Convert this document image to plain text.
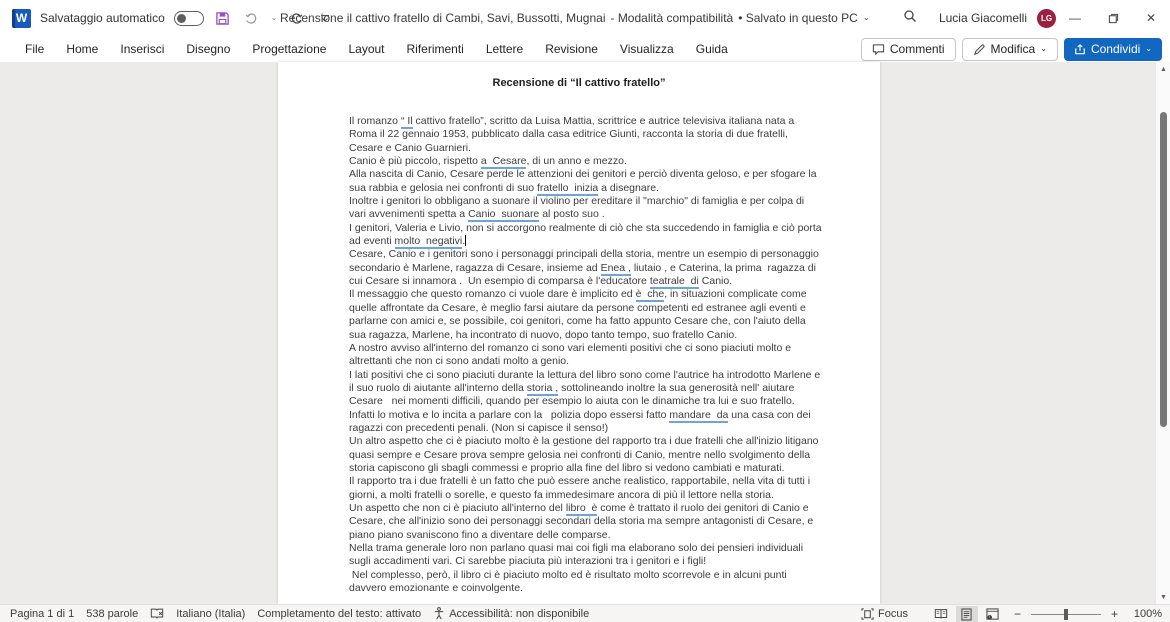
W	Salvataggio automatico	⌄ Recensione il cattivo fratello di Cambi, Savi, Bussotti, Mugnai - Modalità compatibilità • Salvato in questo PC ⌄	Lucia Giacomelli	LG	—	✕
File	Home	Inserisci	Disegno	Progettazione	Layout	Riferimenti	Lettere	Revisione	Visualizza	Guida	Commenti	Modifica ⌄	Condividi ⌄
Recensione di “Il cattivo fratello”

Il romanzo “ Il cattivo fratello”, scritto da Luisa Mattia, scrittrice e autrice televisiva italiana nata a Roma il 22 gennaio 1953, pubblicato dalla casa editrice Giunti, racconta la storia di due fratelli, Cesare e Canio Guarnieri.

Canio è più piccolo, rispetto a  Cesare, di un anno e mezzo.

Alla nascita di Canio, Cesare perde le attenzioni dei genitori e perciò diventa geloso, e per sfogare la sua rabbia e gelosia nei confronti di suo fratello  inizia a disegnare.

Inoltre i genitori lo obbligano a suonare il violino per ereditare il "marchio" di famiglia e per colpa di vari avvenimenti spetta a Canio  suonare al posto suo .

I genitori, Valeria e Livio, non si accorgono realmente di ciò che sta succedendo in famiglia e ciò porta ad eventi molto  negativi.

Cesare, Canio e i genitori sono i personaggi principali della storia, mentre un esempio di personaggio secondario è Marlene, ragazza di Cesare, insieme ad Enea , liutaio , e Caterina, la prima  ragazza di cui Cesare si innamora .  Un esempio di comparsa è l'educatore teatrale  di Canio.

Il messaggio che questo romanzo ci vuole dare è implicito ed è  che, in situazioni complicate come quelle affrontate da Cesare, è meglio farsi aiutare da persone competenti ed estranee agli eventi e parlarne con amici e, se possibile, coi genitori, come ha fatto appunto Cesare che, con l'aiuto della sua ragazza, Marlene, ha incontrato di nuovo, dopo tanto tempo, suo fratello Canio.

A nostro avviso all'interno del romanzo ci sono vari elementi positivi che ci sono piaciuti molto e altrettanti che non ci sono andati molto a genio.

I lati positivi che ci sono piaciuti durante la lettura del libro sono come l'autrice ha introdotto Marlene e il suo ruolo di aiutante all'interno della storia , sottolineando inoltre la sua generosità nell' aiutare Cesare   nei momenti difficili, quando per esempio lo aiuta con le dinamiche tra lui e suo fratello.

Infatti lo motiva e lo incita a parlare con la   polizia dopo essersi fatto mandare  da una casa con dei ragazzi con precedenti penali. (Non si capisce il senso!)

Un altro aspetto che ci è piaciuto molto è la gestione del rapporto tra i due fratelli che all'inizio litigano quasi sempre e Cesare prova sempre gelosia nei confronti di Canio, mentre nello svolgimento della storia capiscono gli sbagli commessi e proprio alla fine del libro si vedono cambiati e maturati.

Il rapporto tra i due fratelli è un fatto che può essere anche realistico, rapportabile, nella vita di tutti i giorni, a molti fratelli o sorelle, e questo fa immedesimare ancora di più il lettore nella storia.

Un aspetto che non ci è piaciuto all'interno del libro  è come è trattato il ruolo dei genitori di Canio e Cesare, che all'inizio sono dei personaggi secondari della storia ma sempre antagonisti di Cesare, e piano piano svaniscono fino a diventare delle comparse.

Nella trama generale loro non parlano quasi mai coi figli ma elaborano solo dei pensieri individuali sugli accadimenti vari. Ci sarebbe piaciuta più interazioni tra i genitori e i figli!

Nel complesso, però, il libro ci è piaciuto molto ed è risultato molto scorrevole e in alcuni punti davvero emozionante e coinvolgente.

▲
▼
Pagina 1 di 1	538 parole	Italiano (Italia)	Completamento del testo: attivato	Accessibilità: non disponibile	Focus	i −	+	100%
